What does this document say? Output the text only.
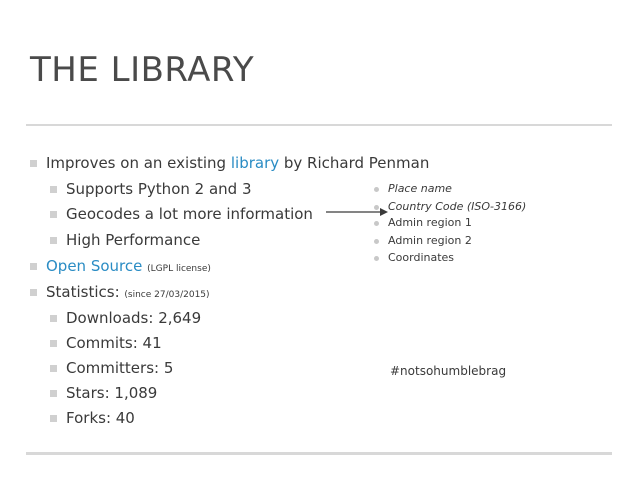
THE LIBRARY
Improves on an existing library by Richard Penman
Supports Python 2 and 3
Geocodes a lot more information
High Performance
Open Source (LGPL license)
Statistics: (since 27/03/2015)
Downloads: 2,649
Commits: 41
Committers: 5
Stars: 1,089
Forks: 40
Place name
Country Code (ISO-3166)
Admin region 1
Admin region 2
Coordinates
#notsohumblebrag
